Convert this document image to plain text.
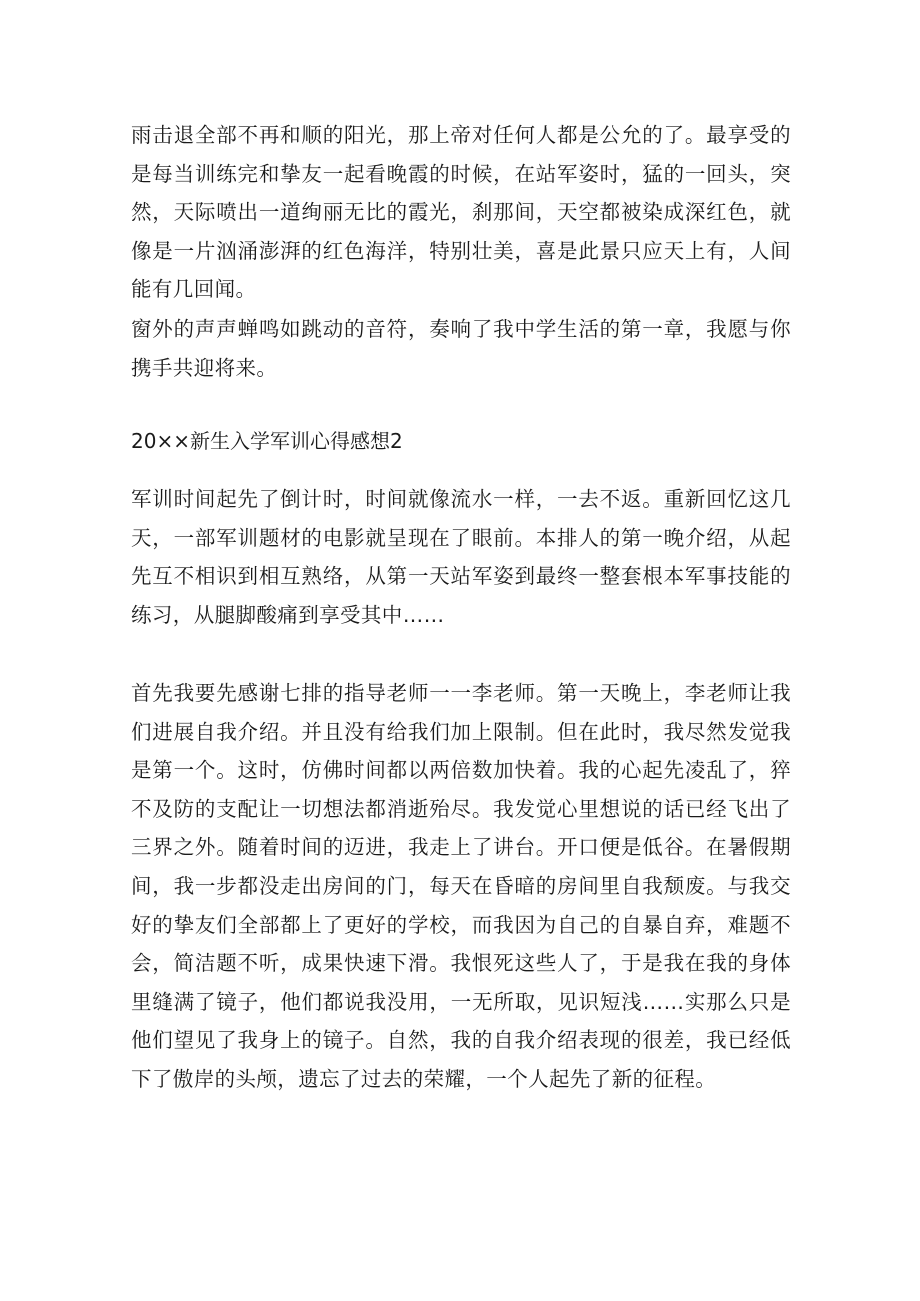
雨击退全部不再和顺的阳光，那上帝对任何人都是公允的了。最享受的是每当训练完和挚友一起看晚霞的时候，在站军姿时，猛的一回头，突然，天际喷出一道绚丽无比的霞光，刹那间，天空都被染成深红色，就像是一片汹涌澎湃的红色海洋，特别壮美，喜是此景只应天上有，人间能有几回闻。

窗外的声声蝉鸣如跳动的音符，奏响了我中学生活的第一章，我愿与你携手共迎将来。

20××新生入学军训心得感想2

军训时间起先了倒计时，时间就像流水一样，一去不返。重新回忆这几天，一部军训题材的电影就呈现在了眼前。本排人的第一晚介绍，从起先互不相识到相互熟络，从第一天站军姿到最终一整套根本军事技能的练习，从腿脚酸痛到享受其中……

首先我要先感谢七排的指导老师一一李老师。第一天晚上，李老师让我们进展自我介绍。并且没有给我们加上限制。但在此时，我尽然发觉我是第一个。这时，仿佛时间都以两倍数加快着。我的心起先凌乱了，猝不及防的支配让一切想法都消逝殆尽。我发觉心里想说的话已经飞出了三界之外。随着时间的迈进，我走上了讲台。开口便是低谷。在暑假期间，我一步都没走出房间的门，每天在昏暗的房间里自我颓废。与我交好的挚友们全部都上了更好的学校，而我因为自己的自暴自弃，难题不会，简洁题不听，成果快速下滑。我恨死这些人了，于是我在我的身体里缝满了镜子，他们都说我没用，一无所取，见识短浅……实那么只是他们望见了我身上的镜子。自然，我的自我介绍表现的很差，我已经低下了傲岸的头颅，遗忘了过去的荣耀，一个人起先了新的征程。
